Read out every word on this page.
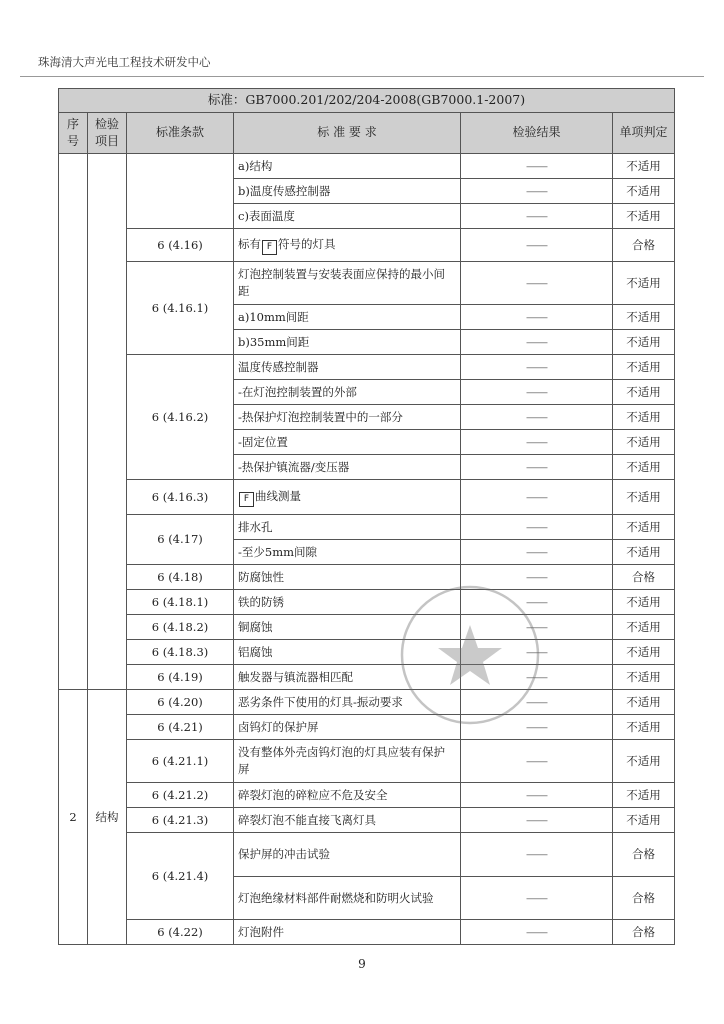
珠海清大声光电工程技术研发中心
标准：GB7000.201/202/204-2008(GB7000.1-2007)					
序号	检验项目	标准条款	标 准 要 求	检验结果	单项判定
			a)结构	——	不适用
			b)温度传感控制器	——	不适用
			c)表面温度	——	不适用
		6 (4.16)	标有 F 符号的灯具	——	合格
		6 (4.16.1)	灯泡控制装置与安装表面应保持的最小间距	——	不适用
			a)10mm间距	——	不适用
			b)35mm间距	——	不适用
		6 (4.16.2)	温度传感控制器	——	不适用
			-在灯泡控制装置的外部	——	不适用
			-热保护灯泡控制装置中的一部分	——	不适用
			-固定位置	——	不适用
			-热保护镇流器/变压器	——	不适用
		6 (4.16.3)	F 曲线测量	——	不适用
		6 (4.17)	排水孔	——	不适用
			-至少5mm间隙	——	不适用
		6 (4.18)	防腐蚀性	——	合格
		6 (4.18.1)	铁的防锈	——	不适用
		6 (4.18.2)	铜腐蚀	——	不适用
		6 (4.18.3)	铝腐蚀	——	不适用
		6 (4.19)	触发器与镇流器相匹配	——	不适用
2	结构	6 (4.20)	恶劣条件下使用的灯具-振动要求	——	不适用
		6 (4.21)	卤钨灯的保护屏	——	不适用
		6 (4.21.1)	没有整体外壳卤钨灯泡的灯具应装有保护屏	——	不适用
		6 (4.21.2)	碎裂灯泡的碎粒应不危及安全	——	不适用
		6 (4.21.3)	碎裂灯泡不能直接飞离灯具	——	不适用
		6 (4.21.4)	保护屏的冲击试验	——	合格
			灯泡绝缘材料部件耐燃烧和防明火试验	——	合格
		6 (4.22)	灯泡附件	——	合格
9
